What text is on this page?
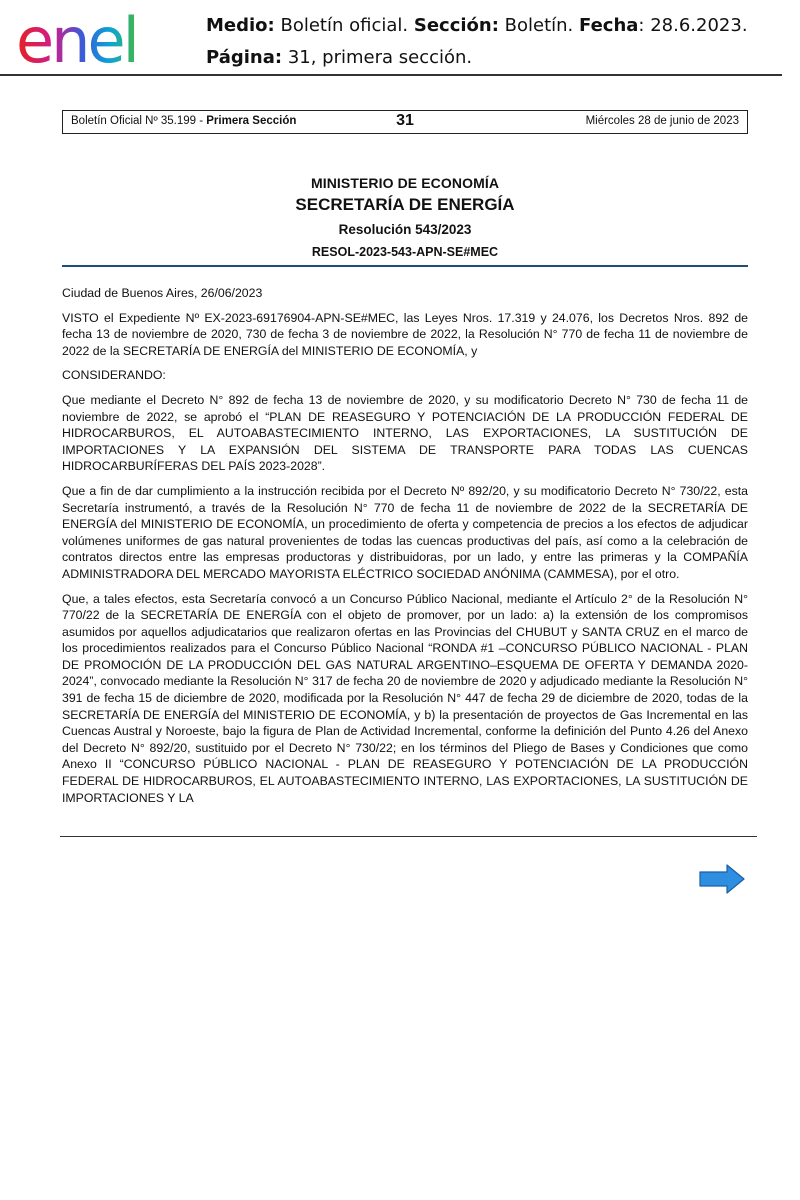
enel	Medio: Boletín oficial. Sección: Boletín. Fecha: 28.6.2023.
Página: 31, primera sección.
Boletín Oficial Nº 35.199 - Primera Sección	31	Miércoles 28 de junio de 2023
MINISTERIO DE ECONOMÍA
SECRETARÍA DE ENERGÍA
Resolución 543/2023
RESOL-2023-543-APN-SE#MEC

Ciudad de Buenos Aires, 26/06/2023

VISTO el Expediente Nº EX-2023-69176904-APN-SE#MEC, las Leyes Nros. 17.319 y 24.076, los Decretos Nros. 892 de fecha 13 de noviembre de 2020, 730 de fecha 3 de noviembre de 2022, la Resolución N° 770 de fecha 11 de noviembre de 2022 de la SECRETARÍA DE ENERGÍA del MINISTERIO DE ECONOMÍA, y

CONSIDERANDO:

Que mediante el Decreto N° 892 de fecha 13 de noviembre de 2020, y su modificatorio Decreto N° 730 de fecha 11 de noviembre de 2022, se aprobó el “PLAN DE REASEGURO Y POTENCIACIÓN DE LA PRODUCCIÓN FEDERAL DE HIDROCARBUROS, EL AUTOABASTECIMIENTO INTERNO, LAS EXPORTACIONES, LA SUSTITUCIÓN DE IMPORTACIONES Y LA EXPANSIÓN DEL SISTEMA DE TRANSPORTE PARA TODAS LAS CUENCAS HIDROCARBURÍFERAS DEL PAÍS 2023-2028”.

Que a fin de dar cumplimiento a la instrucción recibida por el Decreto Nº 892/20, y su modificatorio Decreto N° 730/22, esta Secretaría instrumentó, a través de la Resolución N° 770 de fecha 11 de noviembre de 2022 de la SECRETARÍA DE ENERGÍA del MINISTERIO DE ECONOMÍA, un procedimiento de oferta y competencia de precios a los efectos de adjudicar volúmenes uniformes de gas natural provenientes de todas las cuencas productivas del país, así como a la celebración de contratos directos entre las empresas productoras y distribuidoras, por un lado, y entre las primeras y la COMPAÑÍA ADMINISTRADORA DEL MERCADO MAYORISTA ELÉCTRICO SOCIEDAD ANÓNIMA (CAMMESA), por el otro.

Que, a tales efectos, esta Secretaría convocó a un Concurso Público Nacional, mediante el Artículo 2° de la Resolución N° 770/22 de la SECRETARÍA DE ENERGÍA con el objeto de promover, por un lado: a) la extensión de los compromisos asumidos por aquellos adjudicatarios que realizaron ofertas en las Provincias del CHUBUT y SANTA CRUZ en el marco de los procedimientos realizados para el Concurso Público Nacional “RONDA #1 –CONCURSO PÚBLICO NACIONAL - PLAN DE PROMOCIÓN DE LA PRODUCCIÓN DEL GAS NATURAL ARGENTINO–ESQUEMA DE OFERTA Y DEMANDA 2020-2024”, convocado mediante la Resolución N° 317 de fecha 20 de noviembre de 2020 y adjudicado mediante la Resolución N° 391 de fecha 15 de diciembre de 2020, modificada por la Resolución N° 447 de fecha 29 de diciembre de 2020, todas de la SECRETARÍA DE ENERGÍA del MINISTERIO DE ECONOMÍA, y b) la presentación de proyectos de Gas Incremental en las Cuencas Austral y Noroeste, bajo la figura de Plan de Actividad Incremental, conforme la definición del Punto 4.26 del Anexo del Decreto N° 892/20, sustituido por el Decreto N° 730/22; en los términos del Pliego de Bases y Condiciones que como Anexo II “CONCURSO PÚBLICO NACIONAL - PLAN DE REASEGURO Y POTENCIACIÓN DE LA PRODUCCIÓN FEDERAL DE HIDROCARBUROS, EL AUTOABASTECIMIENTO INTERNO, LAS EXPORTACIONES, LA SUSTITUCIÓN DE IMPORTACIONES Y LA
